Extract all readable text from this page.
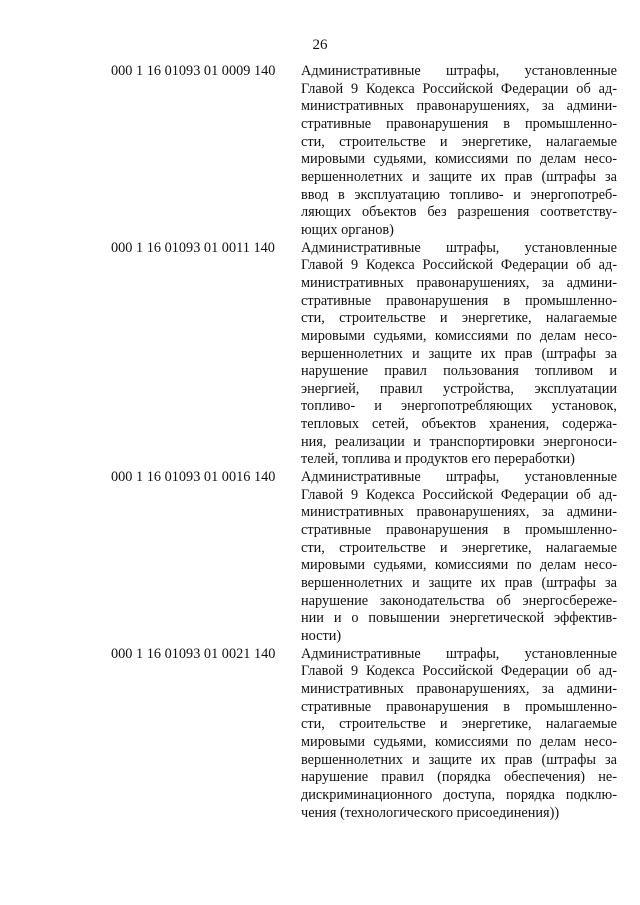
26
000 1 16 01093 01 0009 140	Административные штрафы, установленные
Главой 9 Кодекса Российской Федерации об ад-
министративных правонарушениях, за админи-
стративные правонарушения в промышленно-
сти, строительстве и энергетике, налагаемые
мировыми судьями, комиссиями по делам несо-
вершеннолетних и защите их прав (штрафы за
ввод в эксплуатацию топливо- и энергопотреб-
ляющих объектов без разрешения соответству-
ющих органов)
000 1 16 01093 01 0011 140	Административные штрафы, установленные
Главой 9 Кодекса Российской Федерации об ад-
министративных правонарушениях, за админи-
стративные правонарушения в промышленно-
сти, строительстве и энергетике, налагаемые
мировыми судьями, комиссиями по делам несо-
вершеннолетних и защите их прав (штрафы за
нарушение правил пользования топливом и
энергией, правил устройства, эксплуатации
топливо- и энергопотребляющих установок,
тепловых сетей, объектов хранения, содержа-
ния, реализации и транспортировки энергоноси-
телей, топлива и продуктов его переработки)
000 1 16 01093 01 0016 140	Административные штрафы, установленные
Главой 9 Кодекса Российской Федерации об ад-
министративных правонарушениях, за админи-
стративные правонарушения в промышленно-
сти, строительстве и энергетике, налагаемые
мировыми судьями, комиссиями по делам несо-
вершеннолетних и защите их прав (штрафы за
нарушение законодательства об энергосбереже-
нии и о повышении энергетической эффектив-
ности)
000 1 16 01093 01 0021 140	Административные штрафы, установленные
Главой 9 Кодекса Российской Федерации об ад-
министративных правонарушениях, за админи-
стративные правонарушения в промышленно-
сти, строительстве и энергетике, налагаемые
мировыми судьями, комиссиями по делам несо-
вершеннолетних и защите их прав (штрафы за
нарушение правил (порядка обеспечения) не-
дискриминационного доступа, порядка подклю-
чения (технологического присоединения))
